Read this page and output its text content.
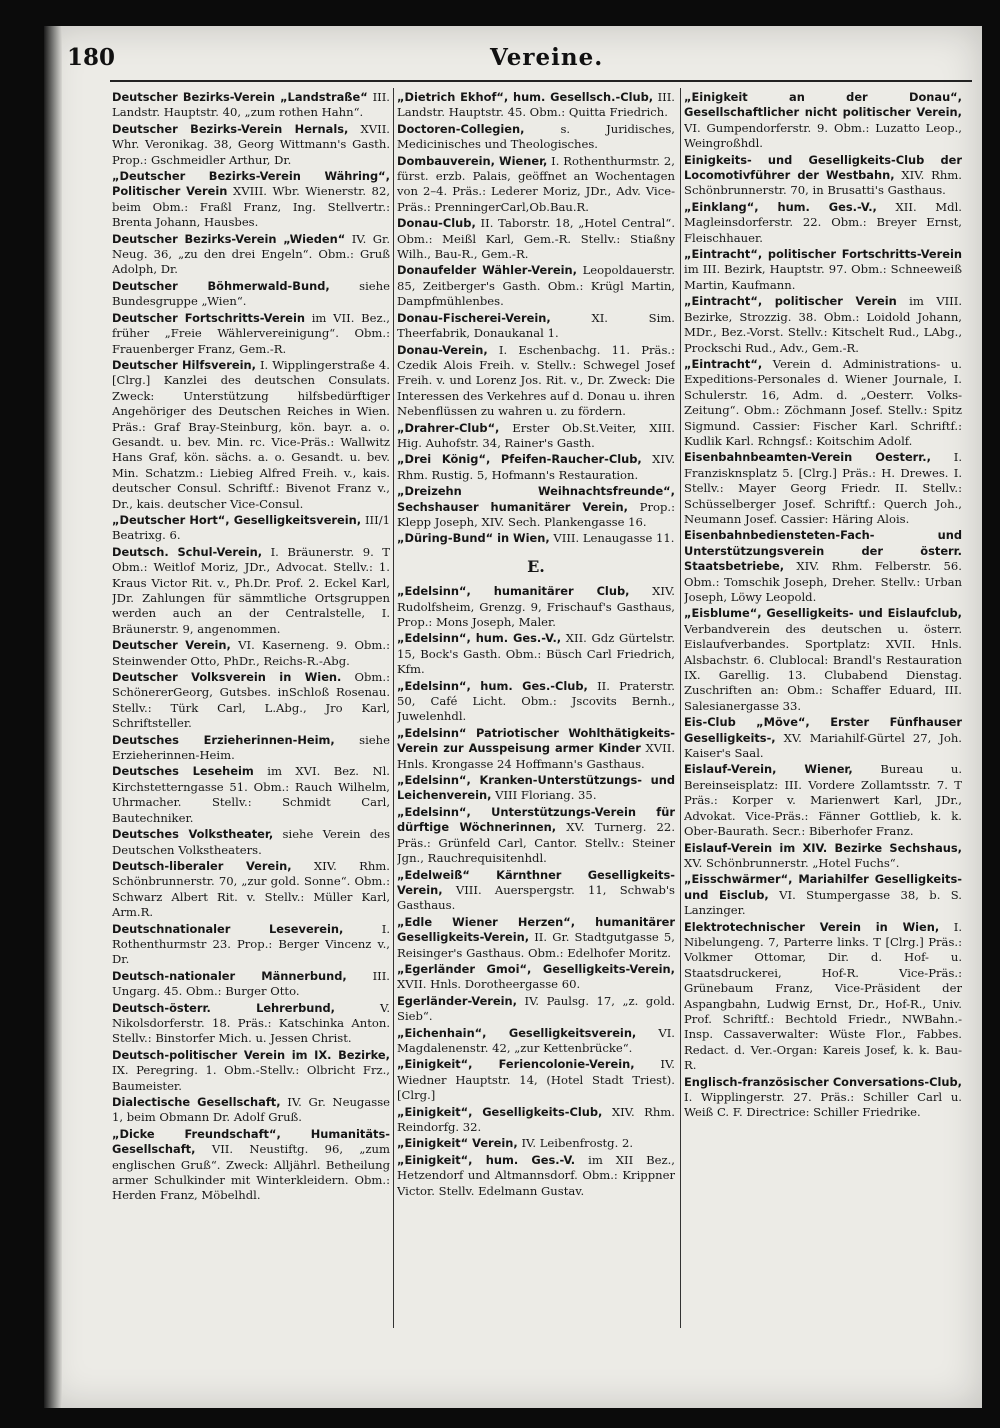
180	Vereine.
Deutscher Bezirks-Verein „Landstraße“ III. Landstr. Hauptstr. 40, „zum rothen Hahn“.
Deutscher Bezirks-Verein Hernals, XVII. Whr. Veronikag. 38, Georg Wittmann's Gasth. Prop.: Gschmeidler Arthur, Dr.
„Deutscher Bezirks-Verein Währing“, Politischer Verein XVIII. Wbr. Wienerstr. 82, beim Obm.: Fraßl Franz, Ing. Stellvertr.: Brenta Johann, Hausbes.
Deutscher Bezirks-Verein „Wieden“ IV. Gr. Neug. 36, „zu den drei Engeln“. Obm.: Gruß Adolph, Dr.
Deutscher Böhmerwald-Bund,	siehe Bundesgruppe „Wien“.
Deutscher Fortschritts-Verein im VII. Bez., früher „Freie Wählervereinigung“. Obm.: Frauenberger Franz, Gem.-R.
Deutscher Hilfsverein, I. Wipplingerstraße 4. [Clrg.] Kanzlei des deutschen Consulats. Zweck: Unterstützung hilfsbedürftiger Angehöriger des Deutschen Reiches in Wien. Präs.: Graf Bray-Steinburg, kön. bayr. a. o. Gesandt. u. bev. Min. rc. Vice-Präs.: Wallwitz Hans Graf, kön. sächs. a. o. Gesandt. u. bev. Min. Schatzm.: Liebieg Alfred Freih. v., kais. deutscher Consul. Schriftf.: Bivenot Franz v., Dr., kais. deutscher Vice-Consul.
„Deutscher Hort“, Geselligkeitsverein, III/1 Beatrixg. 6.
Deutsch. Schul-Verein, I. Bräunerstr. 9. T Obm.: Weitlof Moriz, JDr., Advocat. Stellv.: 1. Kraus Victor Rit. v., Ph.Dr. Prof. 2. Eckel Karl, JDr. Zahlungen für sämmtliche Ortsgruppen werden auch an der Centralstelle, I. Bräunerstr. 9, angenommen.
Deutscher Verein, VI. Kaserneng. 9. Obm.: Steinwender Otto, PhDr., Reichs-R.-Abg.
Deutscher Volksverein in Wien. Obm.: SchönererGeorg, Gutsbes. inSchloß Rosenau. Stellv.: Türk Carl, L.Abg., Jro Karl, Schriftsteller.
Deutsches Erzieherinnen-Heim, siehe Erzieherinnen-Heim.
Deutsches Leseheim im XVI. Bez. Nl. Kirchstetterngasse 51. Obm.: Rauch Wilhelm, Uhrmacher. Stellv.: Schmidt Carl, Bautechniker.
Deutsches Volkstheater, siehe Verein des Deutschen Volkstheaters.
Deutsch-liberaler Verein, XIV. Rhm. Schönbrunnerstr. 70, „zur gold. Sonne“. Obm.: Schwarz Albert Rit. v. Stellv.: Müller Karl, Arm.R.
Deutschnationaler Leseverein,	I. Rothenthurmstr 23. Prop.: Berger Vincenz v., Dr.
Deutsch-nationaler Männerbund, III. Ungarg. 45. Obm.: Burger Otto.
Deutsch-österr. Lehrerbund,	V. Nikolsdorferstr. 18. Präs.: Katschinka Anton. Stellv.: Binstorfer Mich. u. Jessen Christ.
Deutsch-politischer Verein im IX. Bezirke, IX. Peregring. 1. Obm.-Stellv.: Olbricht Frz., Baumeister.
Dialectische Gesellschaft, IV. Gr. Neugasse 1, beim Obmann Dr. Adolf Gruß.
„Dicke Freundschaft“, Humanitäts-Gesellschaft, VII. Neustiftg. 96, „zum englischen Gruß“. Zweck: Alljährl. Betheilung armer Schulkinder mit Winterkleidern. Obm.: Herden Franz, Möbelhdl.
„Dietrich Ekhof“, hum. Gesellsch.-Club, III. Landstr. Hauptstr. 45. Obm.: Quitta Friedrich.
Doctoren-Collegien,	s. Juridisches, Medicinisches und Theologisches.
Dombauverein, Wiener, I. Rothenthurmstr. 2, fürst. erzb. Palais, geöffnet an Wochentagen von 2–4. Präs.: Lederer Moriz, JDr., Adv. Vice-Präs.: PrenningerCarl,Ob.Bau.R.
Donau-Club, II. Taborstr. 18, „Hotel Central“. Obm.: Meißl Karl, Gem.-R. Stellv.: Stiaßny Wilh., Bau-R., Gem.-R.
Donaufelder Wähler-Verein, Leopoldauerstr. 85, Zeitberger's Gasth. Obm.: Krügl Martin, Dampfmühlenbes.
Donau-Fischerei-Verein,	XI. Sim. Theerfabrik, Donaukanal 1.
Donau-Verein, I. Eschenbachg. 11. Präs.: Czedik Alois Freih. v. Stellv.: Schwegel Josef Freih. v. und Lorenz Jos. Rit. v., Dr. Zweck: Die Interessen des Verkehres auf d. Donau u. ihren Nebenflüssen zu wahren u. zu fördern.
„Drahrer-Club“, Erster Ob.St.Veiter, XIII. Hig. Auhofstr. 34, Rainer's Gasth.
„Drei König“, Pfeifen-Raucher-Club, XIV. Rhm. Rustig. 5, Hofmann's Restauration.
„Dreizehn Weihnachtsfreunde“, Sechshauser humanitärer Verein, Prop.: Klepp Joseph, XIV. Sech. Plankengasse 16.
„Düring-Bund“ in Wien, VIII. Lenaugasse 11.
E.
„Edelsinn“, humanitärer Club, XIV. Rudolfsheim, Grenzg. 9, Frischauf's Gasthaus, Prop.: Mons Joseph, Maler.
„Edelsinn“, hum. Ges.-V., XII. Gdz Gürtelstr. 15, Bock's Gasth. Obm.: Büsch Carl Friedrich, Kfm.
„Edelsinn“, hum. Ges.-Club, II. Praterstr. 50, Café Licht. Obm.: Jscovits Bernh., Juwelenhdl.
„Edelsinn“ Patriotischer Wohlthätigkeits-Verein zur Ausspeisung armer Kinder XVII. Hnls. Krongasse 24 Hoffmann's Gasthaus.
„Edelsinn“, Kranken-Unterstützungs- und Leichenverein, VIII Floriang. 35.
„Edelsinn“, Unterstützungs-Verein für dürftige Wöchnerinnen, XV. Turnerg. 22. Präs.: Grünfeld Carl, Cantor. Stellv.: Steiner Jgn., Rauchrequisitenhdl.
„Edelweiß“ Kärnthner Geselligkeits-Verein, VIII. Auerspergstr. 11, Schwab's Gasthaus.
„Edle Wiener Herzen“, humanitärer Geselligkeits-Verein, II. Gr. Stadtgutgasse 5, Reisinger's Gasthaus. Obm.: Edelhofer Moritz.
„Egerländer Gmoi“, Geselligkeits-Verein, XVII. Hnls. Dorotheergasse 60.
Egerländer-Verein, IV. Paulsg. 17, „z. gold. Sieb“.
„Eichenhain“, Geselligkeitsverein, VI. Magdalenenstr. 42, „zur Kettenbrücke“.
„Einigkeit“, Feriencolonie-Verein, IV. Wiedner Hauptstr. 14, (Hotel Stadt Triest). [Clrg.]
„Einigkeit“, Geselligkeits-Club, XIV. Rhm. Reindorfg. 32.
„Einigkeit“ Verein, IV. Leibenfrostg. 2.
„Einigkeit“, hum. Ges.-V. im XII Bez., Hetzendorf und Altmannsdorf. Obm.: Krippner Victor. Stellv. Edelmann Gustav.
„Einigkeit an der Donau“, Gesellschaftlicher nicht politischer Verein, VI. Gumpendorferstr. 9. Obm.: Luzatto Leop., Weingroßhdl.
Einigkeits- und Geselligkeits-Club der Locomotivführer der Westbahn, XIV. Rhm. Schönbrunnerstr. 70, in Brusatti's Gasthaus.
„Einklang“, hum. Ges.-V., XII. Mdl. Magleinsdorferstr. 22. Obm.: Breyer Ernst, Fleischhauer.
„Eintracht“, politischer Fortschritts-Verein im III. Bezirk, Hauptstr. 97. Obm.: Schneeweiß Martin, Kaufmann.
„Eintracht“, politischer Verein im VIII. Bezirke, Strozzig. 38. Obm.: Loidold Johann, MDr., Bez.-Vorst. Stellv.: Kitschelt Rud., LAbg., Prockschi Rud., Adv., Gem.-R.
„Eintracht“, Verein d. Administrations- u. Expeditions-Personales d. Wiener Journale, I. Schulerstr. 16, Adm. d. „Oesterr. Volks-Zeitung“. Obm.: Zöchmann Josef. Stellv.: Spitz Sigmund. Cassier: Fischer Karl. Schriftf.: Kudlik Karl. Rchngsf.: Koitschim Adolf.
Eisenbahnbeamten-Verein Oesterr., I. Franzisknsplatz 5. [Clrg.] Präs.: H. Drewes. I. Stellv.: Mayer Georg Friedr. II. Stellv.: Schüsselberger Josef. Schriftf.: Querch Joh., Neumann Josef. Cassier: Häring Alois.
Eisenbahnbediensteten-Fach- und Unterstützungsverein der österr. Staatsbetriebe, XIV. Rhm. Felberstr. 56. Obm.: Tomschik Joseph, Dreher. Stellv.: Urban Joseph, Löwy Leopold.
„Eisblume“, Geselligkeits- und Eislaufclub, Verbandverein des deutschen u. österr. Eislaufverbandes. Sportplatz: XVII. Hnls. Alsbachstr. 6. Clublocal: Brandl's Restauration IX. Garellig. 13. Clubabend Dienstag. Zuschriften an: Obm.: Schaffer Eduard, III. Salesianergasse 33.
Eis-Club „Möve“, Erster Fünfhauser Geselligkeits-, XV. Mariahilf-Gürtel 27, Joh. Kaiser's Saal.
Eislauf-Verein, Wiener, Bureau u. Bereinseisplatz: III. Vordere Zollamtsstr. 7. T Präs.: Korper v. Marienwert Karl, JDr., Advokat. Vice-Präs.: Fänner Gottlieb, k. k. Ober-Baurath. Secr.: Biberhofer Franz.
Eislauf-Verein im XIV. Bezirke Sechshaus, XV. Schönbrunnerstr. „Hotel Fuchs“.
„Eisschwärmer“, Mariahilfer Geselligkeits- und Eisclub, VI. Stumpergasse 38, b. S. Lanzinger.
Elektrotechnischer Verein in Wien, I. Nibelungeng. 7, Parterre links. T [Clrg.] Präs.: Volkmer Ottomar, Dir. d. Hof- u. Staatsdruckerei, Hof-R. Vice-Präs.: Grünebaum Franz, Vice-Präsident der Aspangbahn, Ludwig Ernst, Dr., Hof-R., Univ. Prof. Schriftf.: Bechtold Friedr., NWBahn.-Insp. Cassaverwalter: Wüste Flor., Fabbes. Redact. d. Ver.-Organ: Kareis Josef, k. k. Bau-R.
Englisch-französischer Conversations-Club, I. Wipplingerstr. 27. Präs.: Schiller Carl u. Weiß C. F. Directrice: Schiller Friedrike.
